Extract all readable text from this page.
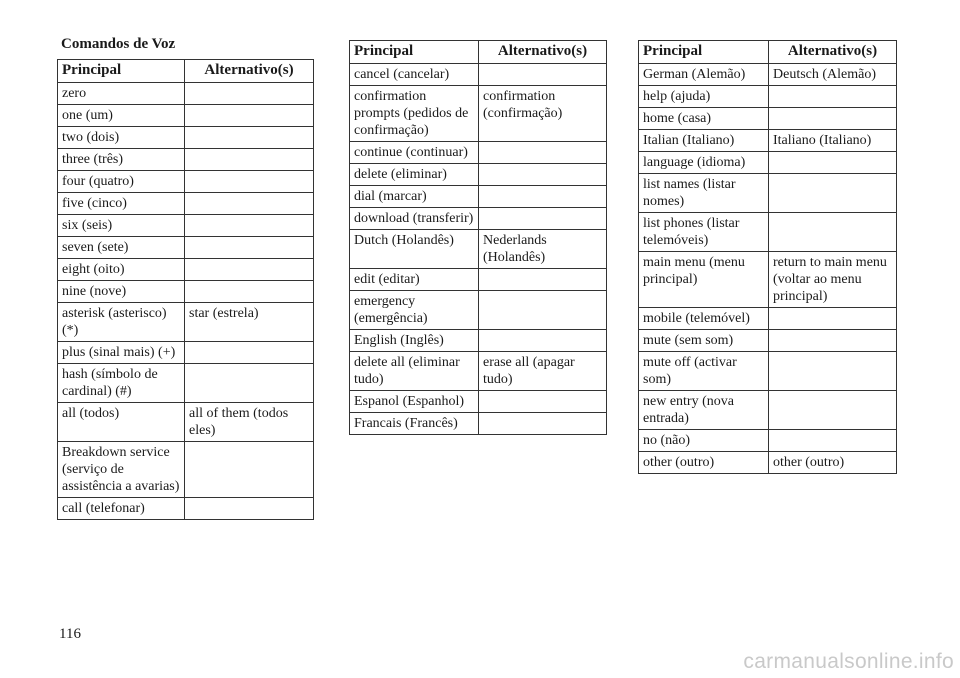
Comandos de Voz
Principal	Alternativo(s)
zero	
one (um)	
two (dois)	
three (três)	
four (quatro)	
five (cinco)	
six (seis)	
seven (sete)	
eight (oito)	
nine (nove)	
asterisk (asterisco) (*)	star (estrela)
plus (sinal mais) (+)	
hash (símbolo de cardinal) (#)	
all (todos)	all of them (todos eles)
Breakdown service (serviço de assistência a avarias)	
call (telefonar)	
Principal	Alternativo(s)
cancel (cancelar)	
confirmation prompts (pedidos de confirmação)	confirmation (confirmação)
continue (continuar)	
delete (eliminar)	
dial (marcar)	
download (transferir)	
Dutch (Holandês)	Nederlands (Holandês)
edit (editar)	
emergency (emergência)	
English (Inglês)	
delete all (eliminar tudo)	erase all (apagar tudo)
Espanol (Espanhol)	
Francais (Francês)	
Principal	Alternativo(s)
German (Alemão)	Deutsch (Alemão)
help (ajuda)	
home (casa)	
Italian (Italiano)	Italiano (Italiano)
language (idioma)	
list names (listar nomes)	
list phones (listar telemóveis)	
main menu (menu principal)	return to main menu (voltar ao menu principal)
mobile (telemóvel)	
mute (sem som)	
mute off (activar som)	
new entry (nova entrada)	
no (não)	
other (outro)	other (outro)
116
carmanualsonline.info
